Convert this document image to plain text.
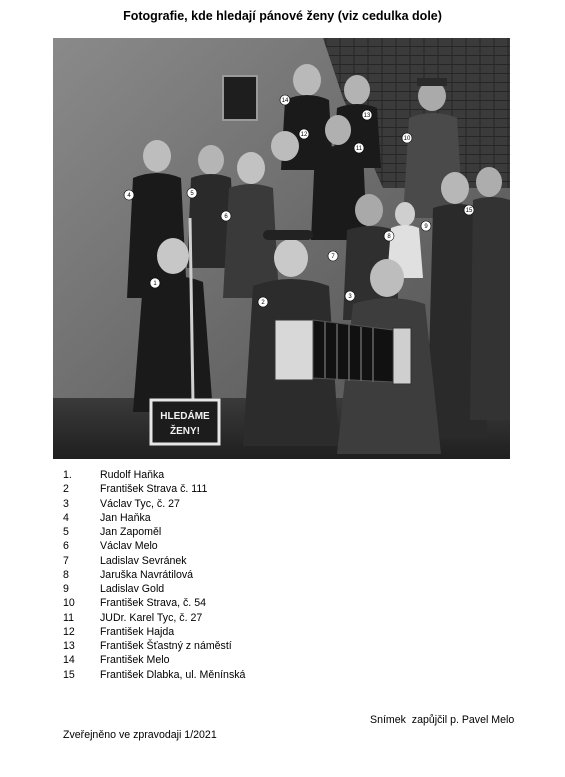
Fotografie, kde hledají pánové ženy (viz cedulka dole)
HLEDÁME
ŽENY!
1
2
3
4	5
6
7
8
9
10
11
12
13
14
15
1.	Rudolf Haňka
2	František Strava č. 111
3	Václav Tyc, č. 27
4	Jan Haňka
5	Jan Zapoměl
6	Václav Melo
7	Ladislav Sevránek
8	Jaruška Navrátilová
9	Ladislav Gold
10	František Strava, č. 54
11	JUDr. Karel Tyc, č. 27
12	František Hajda
13	František Šťastný z náměstí
14	František Melo
15	František Dlabka, ul. Měnínská
Snímek  zapůjčil p. Pavel Melo
Zveřejněno ve zpravodaji 1/2021
